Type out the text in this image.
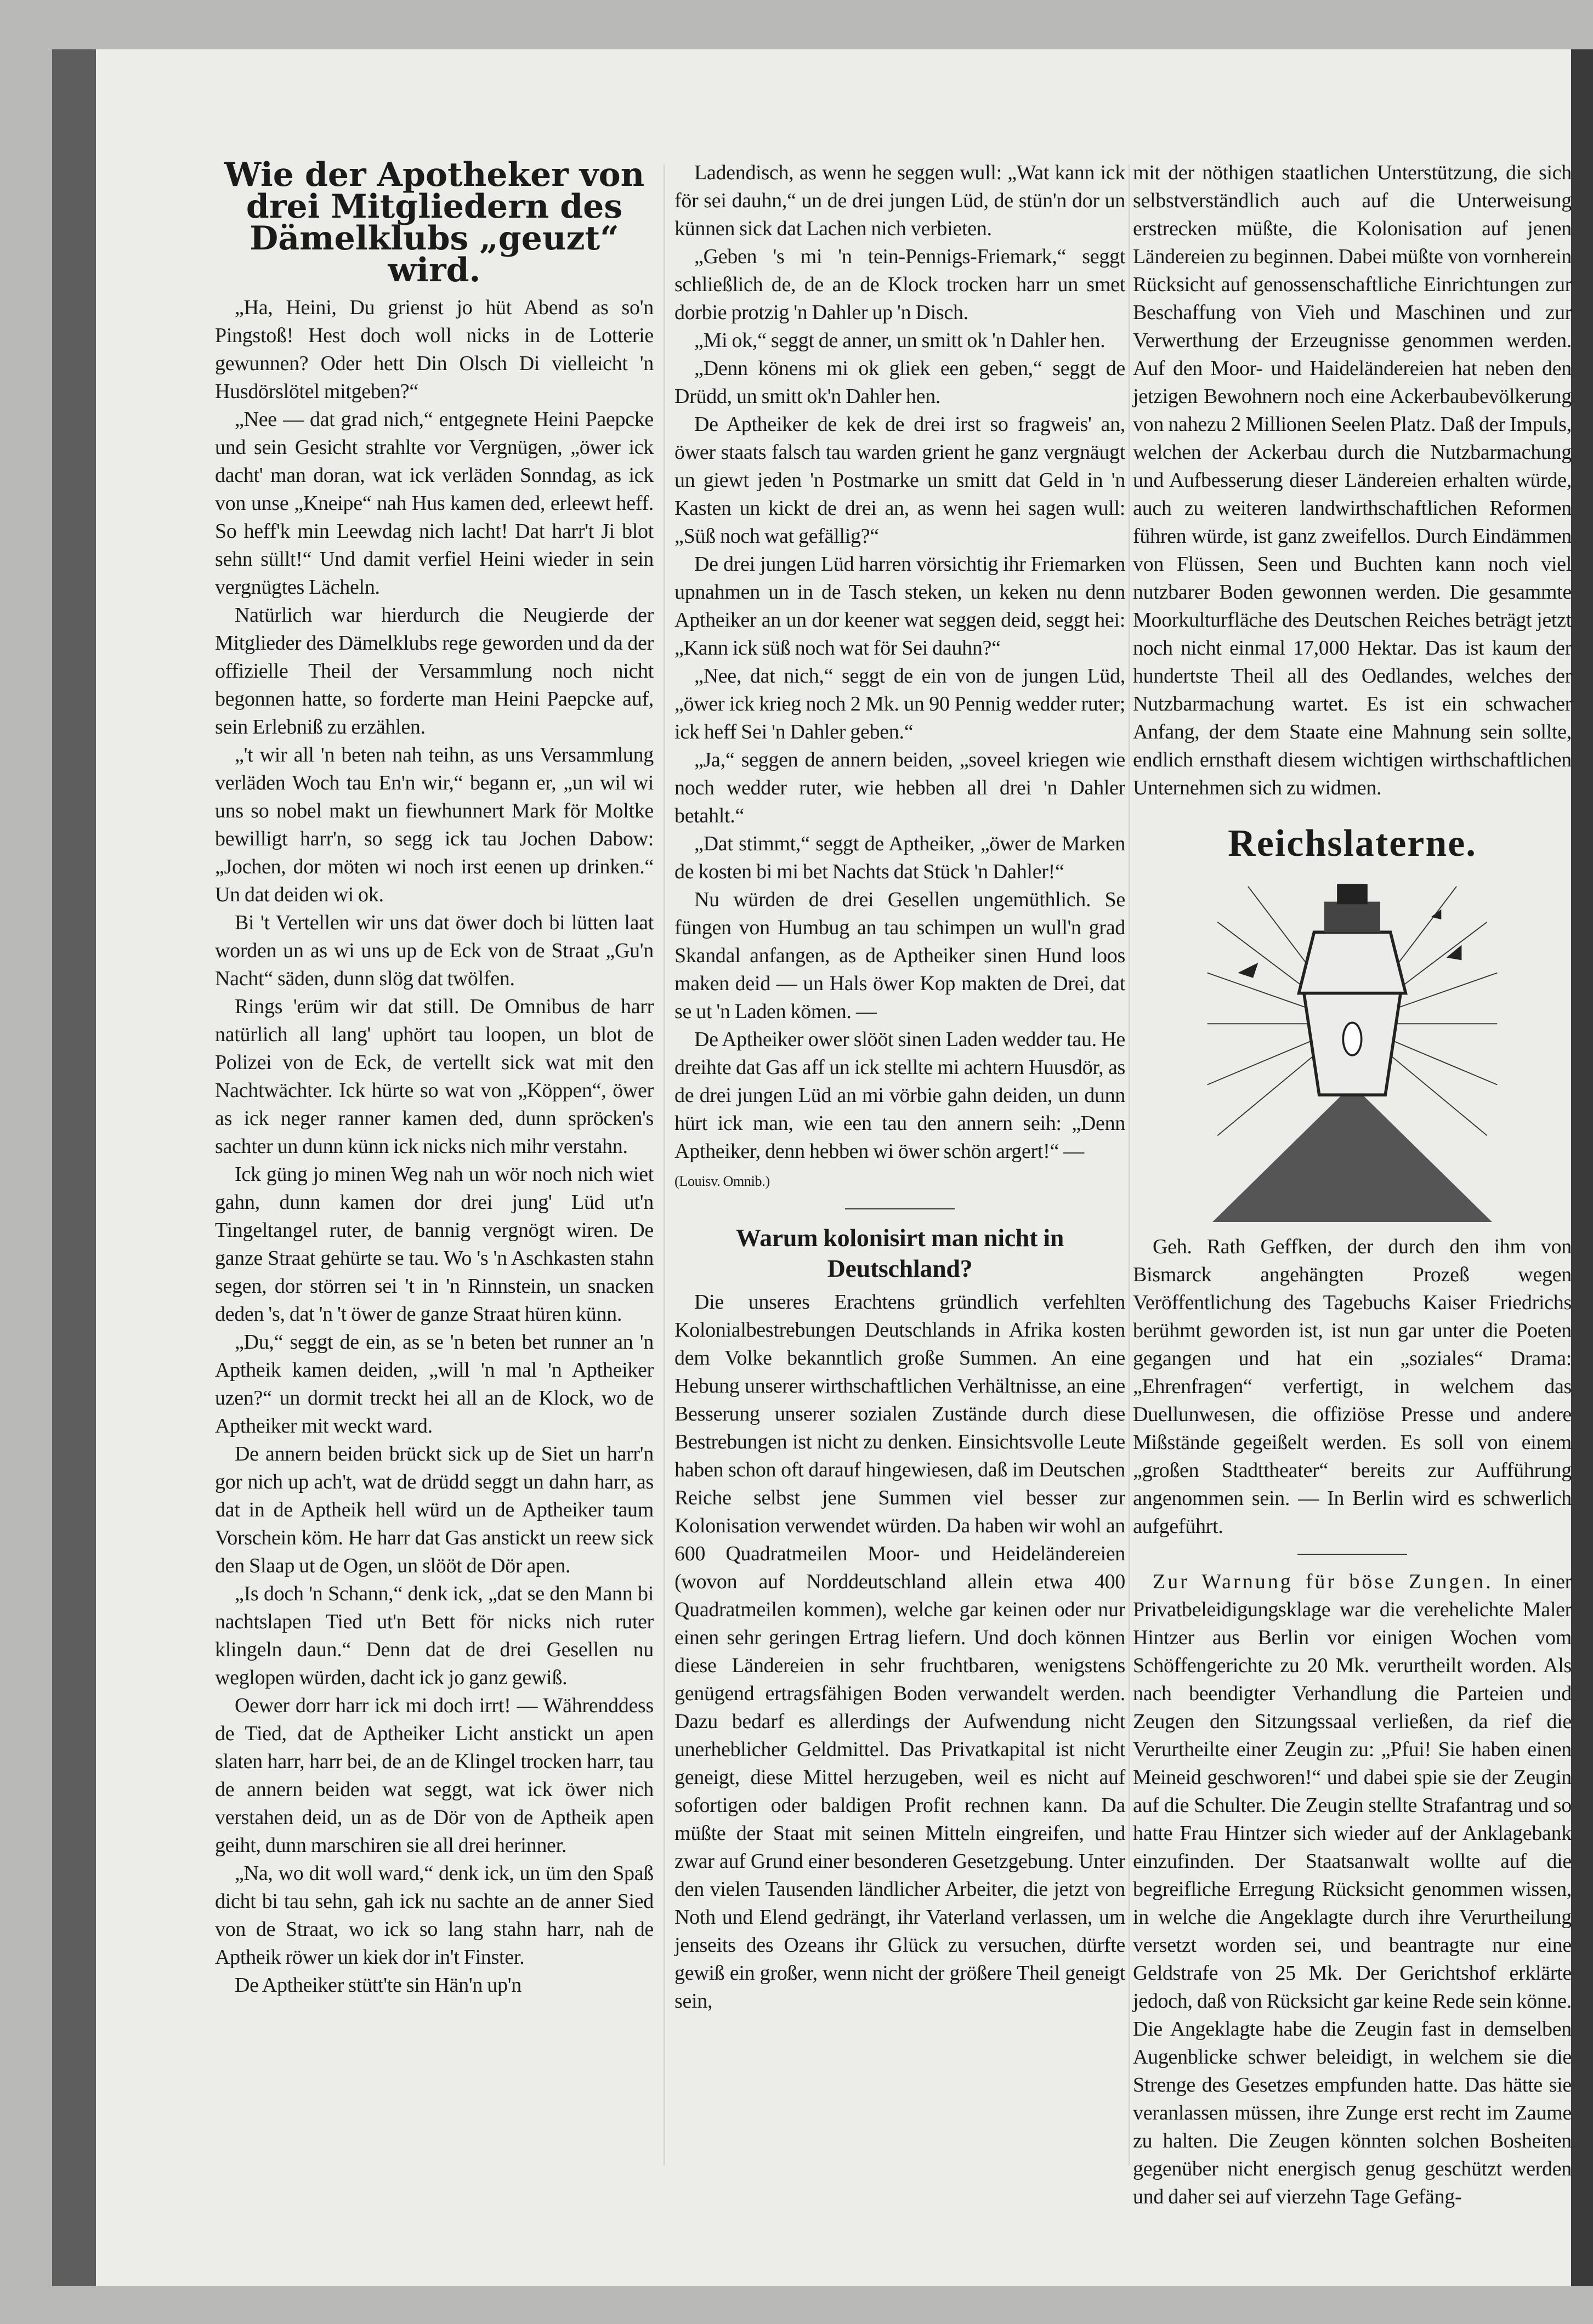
Wie der Apotheker von drei Mitgliedern des Dämelklubs „geuzt“ wird.

„Ha, Heini, Du grienst jo hüt Abend as so'n Pingstoß! Hest doch woll nicks in de Lotterie gewunnen? Oder hett Din Olsch Di vielleicht 'n Husdörslötel mitgeben?“

„Nee — dat grad nich,“ entgegnete Heini Paepcke und sein Gesicht strahlte vor Vergnügen, „öwer ick dacht' man doran, wat ick verläden Sonndag, as ick von unse „Kneipe“ nah Hus kamen ded, erleewt heff. So heff'k min Leewdag nich lacht! Dat harr't Ji blot sehn süllt!“ Und damit verfiel Heini wieder in sein vergnügtes Lächeln.

Natürlich war hierdurch die Neugierde der Mitglieder des Dämelklubs rege geworden und da der offizielle Theil der Versammlung noch nicht begonnen hatte, so forderte man Heini Paepcke auf, sein Erlebniß zu erzählen.

„'t wir all 'n beten nah teihn, as uns Versammlung verläden Woch tau En'n wir,“ begann er, „un wil wi uns so nobel makt un fiewhunnert Mark för Moltke bewilligt harr'n, so segg ick tau Jochen Dabow: „Jochen, dor möten wi noch irst eenen up drinken.“ Un dat deiden wi ok.

Bi 't Vertellen wir uns dat öwer doch bi lütten laat worden un as wi uns up de Eck von de Straat „Gu'n Nacht“ säden, dunn slög dat twölfen.

Rings 'erüm wir dat still. De Omnibus de harr natürlich all lang' uphört tau loopen, un blot de Polizei von de Eck, de vertellt sick wat mit den Nachtwächter. Ick hürte so wat von „Köppen“, öwer as ick neger ranner kamen ded, dunn spröcken's sachter un dunn künn ick nicks nich mihr verstahn.

Ick güng jo minen Weg nah un wör noch nich wiet gahn, dunn kamen dor drei jung' Lüd ut'n Tingeltangel ruter, de bannig vergnögt wiren. De ganze Straat gehürte se tau. Wo 's 'n Aschkasten stahn segen, dor störren sei 't in 'n Rinnstein, un snacken deden 's, dat 'n 't öwer de ganze Straat hüren künn.

„Du,“ seggt de ein, as se 'n beten bet runner an 'n Aptheik kamen deiden, „will 'n mal 'n Aptheiker uzen?“ un dormit treckt hei all an de Klock, wo de Aptheiker mit weckt ward.

De annern beiden brückt sick up de Siet un harr'n gor nich up ach't, wat de drüdd seggt un dahn harr, as dat in de Aptheik hell würd un de Aptheiker taum Vorschein köm. He harr dat Gas anstickt un reew sick den Slaap ut de Ogen, un slööt de Dör apen.

„Is doch 'n Schann,“ denk ick, „dat se den Mann bi nachtslapen Tied ut'n Bett för nicks nich ruter klingeln daun.“ Denn dat de drei Gesellen nu weglopen würden, dacht ick jo ganz gewiß.

Oewer dorr harr ick mi doch irrt! — Währenddess de Tied, dat de Aptheiker Licht anstickt un apen slaten harr, harr bei, de an de Klingel trocken harr, tau de annern beiden wat seggt, wat ick öwer nich verstahen deid, un as de Dör von de Aptheik apen geiht, dunn marschiren sie all drei herinner.

„Na, wo dit woll ward,“ denk ick, un üm den Spaß dicht bi tau sehn, gah ick nu sachte an de anner Sied von de Straat, wo ick so lang stahn harr, nah de Aptheik röwer un kiek dor in't Finster.

De Aptheiker stütt'te sin Hän'n up'n

Ladendisch, as wenn he seggen wull: „Wat kann ick för sei dauhn,“ un de drei jungen Lüd, de stün'n dor un künnen sick dat Lachen nich verbieten.

„Geben 's mi 'n tein-Pennigs-Friemark,“ seggt schließlich de, de an de Klock trocken harr un smet dorbie protzig 'n Dahler up 'n Disch.

„Mi ok,“ seggt de anner, un smitt ok 'n Dahler hen.

„Denn könens mi ok gliek een geben,“ seggt de Drüdd, un smitt ok'n Dahler hen.

De Aptheiker de kek de drei irst so fragweis' an, öwer staats falsch tau warden grient he ganz vergnäugt un giewt jeden 'n Postmarke un smitt dat Geld in 'n Kasten un kickt de drei an, as wenn hei sagen wull: „Süß noch wat gefällig?“

De drei jungen Lüd harren vörsichtig ihr Friemarken upnahmen un in de Tasch steken, un keken nu denn Aptheiker an un dor keener wat seggen deid, seggt hei: „Kann ick süß noch wat för Sei dauhn?“

„Nee, dat nich,“ seggt de ein von de jungen Lüd, „öwer ick krieg noch 2 Mk. un 90 Pennig wedder ruter; ick heff Sei 'n Dahler geben.“

„Ja,“ seggen de annern beiden, „soveel kriegen wie noch wedder ruter, wie hebben all drei 'n Dahler betahlt.“

„Dat stimmt,“ seggt de Aptheiker, „öwer de Marken de kosten bi mi bet Nachts dat Stück 'n Dahler!“

Nu würden de drei Gesellen ungemüthlich. Se füngen von Humbug an tau schimpen un wull'n grad Skandal anfangen, as de Aptheiker sinen Hund loos maken deid — un Hals öwer Kop makten de Drei, dat se ut 'n Laden kömen. —

De Aptheiker ower slööt sinen Laden wedder tau. He dreihte dat Gas aff un ick stellte mi achtern Huusdör, as de drei jungen Lüd an mi vörbie gahn deiden, un dunn hürt ick man, wie een tau den annern seih: „Denn Aptheiker, denn hebben wi öwer schön argert!“ —

(Louisv. Omnib.)
Warum kolonisirt man nicht in Deutschland?

Die unseres Erachtens gründlich verfehlten Kolonialbestrebungen Deutschlands in Afrika kosten dem Volke bekanntlich große Summen. An eine Hebung unserer wirthschaftlichen Verhältnisse, an eine Besserung unserer sozialen Zustände durch diese Bestrebungen ist nicht zu denken. Einsichtsvolle Leute haben schon oft darauf hingewiesen, daß im Deutschen Reiche selbst jene Summen viel besser zur Kolonisation verwendet würden. Da haben wir wohl an 600 Quadratmeilen Moor- und Heideländereien (wovon auf Norddeutschland allein etwa 400 Quadratmeilen kommen), welche gar keinen oder nur einen sehr geringen Ertrag liefern. Und doch können diese Ländereien in sehr fruchtbaren, wenigstens genügend ertragsfähigen Boden verwandelt werden. Dazu bedarf es allerdings der Aufwendung nicht unerheblicher Geldmittel. Das Privatkapital ist nicht geneigt, diese Mittel herzugeben, weil es nicht auf sofortigen oder baldigen Profit rechnen kann. Da müßte der Staat mit seinen Mitteln eingreifen, und zwar auf Grund einer besonderen Gesetzgebung. Unter den vielen Tausenden ländlicher Arbeiter, die jetzt von Noth und Elend gedrängt, ihr Vaterland verlassen, um jenseits des Ozeans ihr Glück zu versuchen, dürfte gewiß ein großer, wenn nicht der größere Theil geneigt sein,

mit der nöthigen staatlichen Unterstützung, die sich selbstverständlich auch auf die Unterweisung erstrecken müßte, die Kolonisation auf jenen Ländereien zu beginnen. Dabei müßte von vornherein Rücksicht auf genossenschaftliche Einrichtungen zur Beschaffung von Vieh und Maschinen und zur Verwerthung der Erzeugnisse genommen werden. Auf den Moor- und Haideländereien hat neben den jetzigen Bewohnern noch eine Ackerbaubevölkerung von nahezu 2 Millionen Seelen Platz. Daß der Impuls, welchen der Ackerbau durch die Nutzbarmachung und Aufbesserung dieser Ländereien erhalten würde, auch zu weiteren landwirthschaftlichen Reformen führen würde, ist ganz zweifellos. Durch Eindämmen von Flüssen, Seen und Buchten kann noch viel nutzbarer Boden gewonnen werden. Die gesammte Moorkulturfläche des Deutschen Reiches beträgt jetzt noch nicht einmal 17,000 Hektar. Das ist kaum der hundertste Theil all des Oedlandes, welches der Nutzbarmachung wartet. Es ist ein schwacher Anfang, der dem Staate eine Mahnung sein sollte, endlich ernsthaft diesem wichtigen wirthschaftlichen Unternehmen sich zu widmen.

Reichslaterne.

Geh. Rath Geffken, der durch den ihm von Bismarck angehängten Prozeß wegen Veröffentlichung des Tagebuchs Kaiser Friedrichs berühmt geworden ist, ist nun gar unter die Poeten gegangen und hat ein „soziales“ Drama: „Ehrenfragen“ verfertigt, in welchem das Duellunwesen, die offiziöse Presse und andere Mißstände gegeißelt werden. Es soll von einem „großen Stadttheater“ bereits zur Aufführung angenommen sein. — In Berlin wird es schwerlich aufgeführt.

Zur Warnung für böse Zungen. In einer Privatbeleidigungsklage war die verehelichte Maler Hintzer aus Berlin vor einigen Wochen vom Schöffengerichte zu 20 Mk. verurtheilt worden. Als nach beendigter Verhandlung die Parteien und Zeugen den Sitzungssaal verließen, da rief die Verurtheilte einer Zeugin zu: „Pfui! Sie haben einen Meineid geschworen!“ und dabei spie sie der Zeugin auf die Schulter. Die Zeugin stellte Strafantrag und so hatte Frau Hintzer sich wieder auf der Anklagebank einzufinden. Der Staatsanwalt wollte auf die begreifliche Erregung Rücksicht genommen wissen, in welche die Angeklagte durch ihre Verurtheilung versetzt worden sei, und beantragte nur eine Geldstrafe von 25 Mk. Der Gerichtshof erklärte jedoch, daß von Rücksicht gar keine Rede sein könne. Die Angeklagte habe die Zeugin fast in demselben Augenblicke schwer beleidigt, in welchem sie die Strenge des Gesetzes empfunden hatte. Das hätte sie veranlassen müssen, ihre Zunge erst recht im Zaume zu halten. Die Zeugen könnten solchen Bosheiten gegenüber nicht energisch genug geschützt werden und daher sei auf vierzehn Tage Gefäng-
